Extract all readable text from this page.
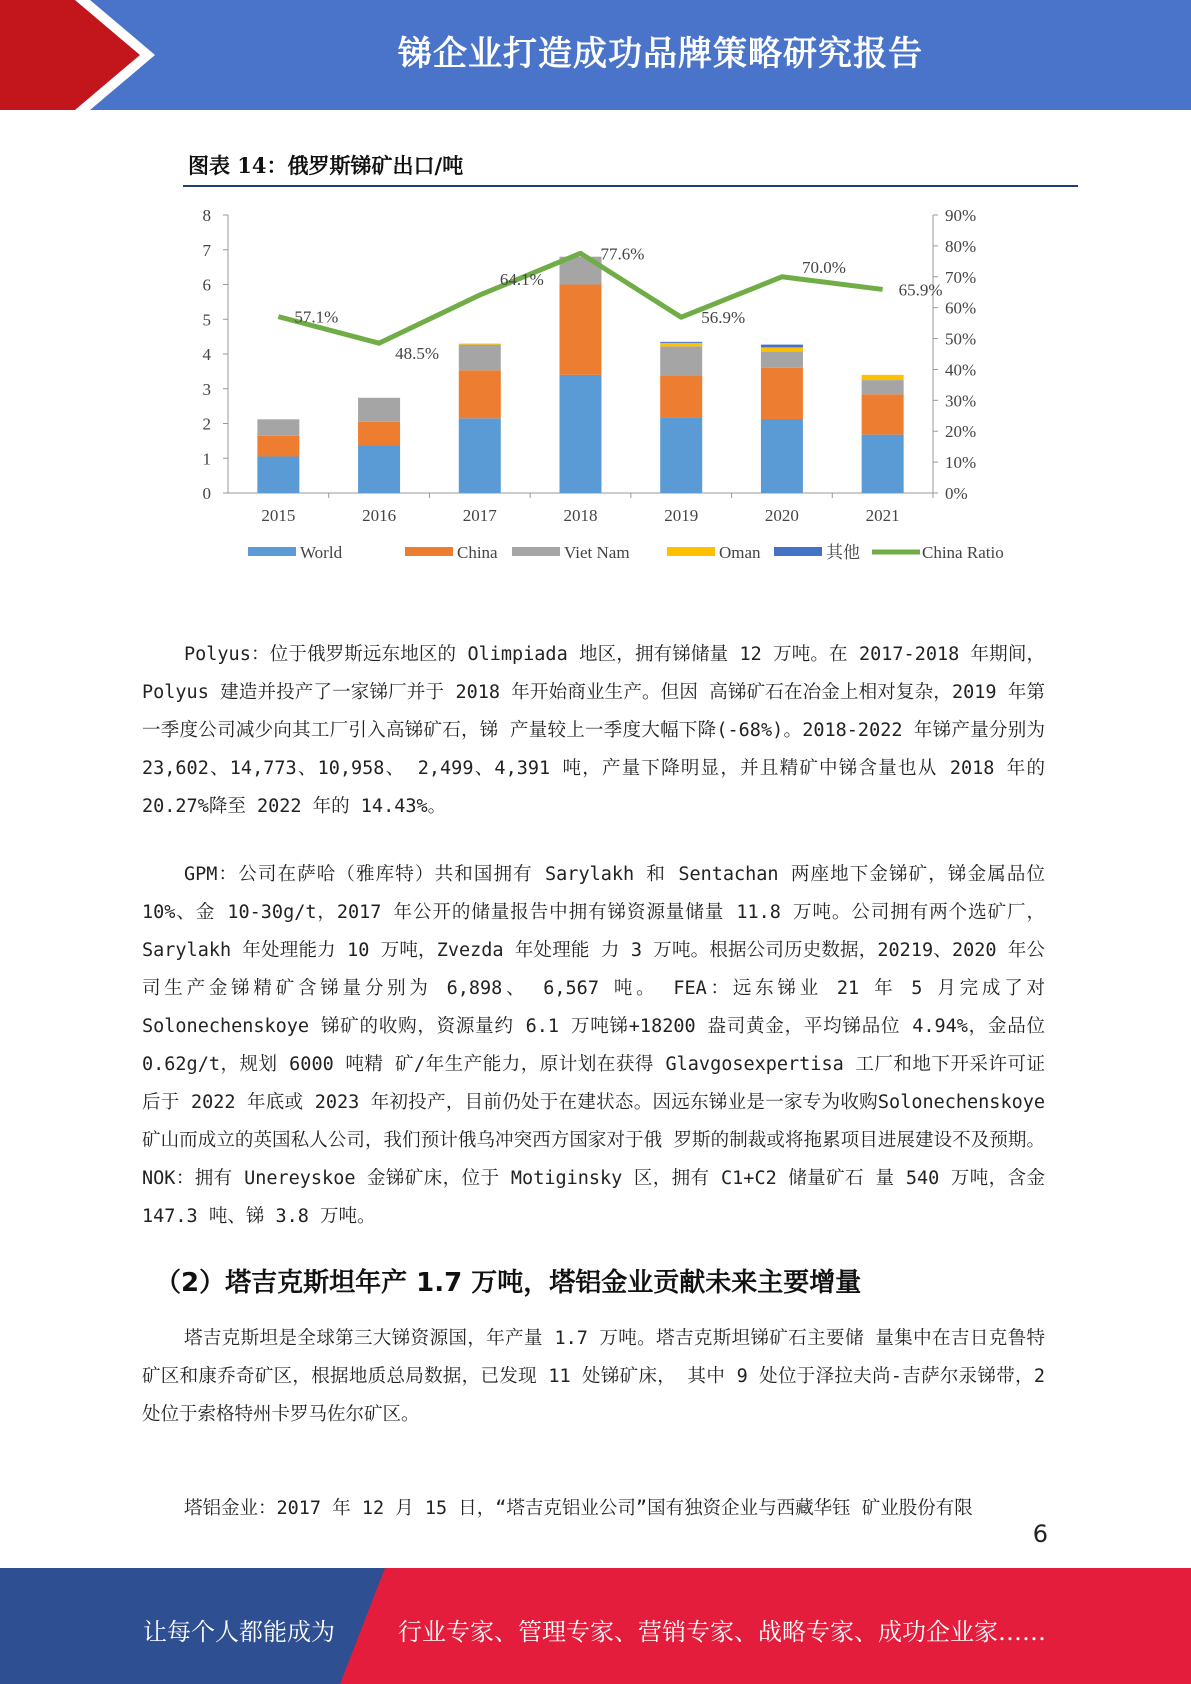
锑企业打造成功品牌策略研究报告
图表 14：俄罗斯锑矿出口/吨
0
1
2
3
4
5
6
7
8
0%
10%
20%
30%
40%
50%
60%
70%
80%
90%
2015	2016	2017	2018	2019	2020	2021
57.1%
48.5%
64.1%
77.6%
56.9%
70.0%
65.9%
World	China	Viet Nam	Oman	其他	China Ratio

Polyus：位于俄罗斯远东地区的 Olimpiada 地区，拥有锑储量 12 万吨。在 2017-2018 年期间，Polyus 建造并投产了一家锑厂并于 2018 年开始商业生产。但因 高锑矿石在冶金上相对复杂，2019 年第一季度公司减少向其工厂引入高锑矿石，锑 产量较上一季度大幅下降(-68%)。2018-2022 年锑产量分别为 23,602、14,773、10,958、 2,499、4,391 吨，产量下降明显，并且精矿中锑含量也从 2018 年的 20.27%降至 2022 年的 14.43%。

GPM：公司在萨哈（雅库特）共和国拥有 Sarylakh 和 Sentachan 两座地下金锑矿，锑金属品位 10%、金 10-30g/t，2017 年公开的储量报告中拥有锑资源量储量 11.8 万吨。公司拥有两个选矿厂，Sarylakh 年处理能力 10 万吨，Zvezda 年处理能 力 3 万吨。根据公司历史数据，20219、2020 年公司生产金锑精矿含锑量分别为 6,898、 6,567 吨。 FEA：远东锑业 21 年 5 月完成了对 Solonechenskoye 锑矿的收购，资源量约 6.1 万吨锑+18200 盎司黄金，平均锑品位 4.94%，金品位 0.62g/t，规划 6000 吨精 矿/年生产能力，原计划在获得 Glavgosexpertisa 工厂和地下开采许可证后于 2022 年底或 2023 年初投产，目前仍处于在建状态。因远东锑业是一家专为收购Solonechenskoye 矿山而成立的英国私人公司，我们预计俄乌冲突西方国家对于俄 罗斯的制裁或将拖累项目进展建设不及预期。 NOK：拥有 Unereyskoe 金锑矿床，位于 Motiginsky 区，拥有 C1+C2 储量矿石 量 540 万吨，含金 147.3 吨、锑 3.8 万吨。

（2）塔吉克斯坦年产 1.7 万吨，塔铝金业贡献未来主要增量

塔吉克斯坦是全球第三大锑资源国，年产量 1.7 万吨。塔吉克斯坦锑矿石主要储 量集中在吉日克鲁特矿区和康乔奇矿区，根据地质总局数据，已发现 11 处锑矿床， 其中 9 处位于泽拉夫尚-吉萨尔汞锑带，2 处位于索格特州卡罗马佐尔矿区。

塔铝金业：2017 年 12 月 15 日，“塔吉克铝业公司”国有独资企业与西藏华钰 矿业股份有限

6
让每个人都能成为	行业专家、管理专家、营销专家、战略专家、成功企业家……
